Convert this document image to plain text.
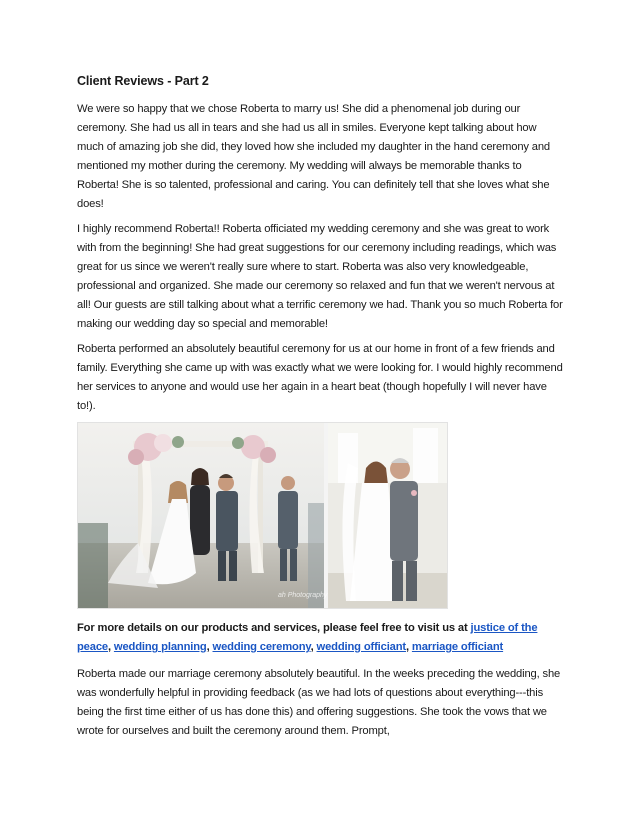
Client Reviews - Part 2

We were so happy that we chose Roberta to marry us! She did a phenomenal job during our ceremony. She had us all in tears and she had us all in smiles. Everyone kept talking about how much of amazing job she did, they loved how she included my daughter in the hand ceremony and mentioned my mother during the ceremony. My wedding will always be memorable thanks to Roberta! She is so talented, professional and caring. You can definitely tell that she loves what she does!

I highly recommend Roberta!! Roberta officiated my wedding ceremony and she was great to work with from the beginning! She had great suggestions for our ceremony including readings, which was great for us since we weren't really sure where to start. Roberta was also very knowledgeable, professional and organized. She made our ceremony so relaxed and fun that we weren't nervous at all! Our guests are still talking about what a terrific ceremony we had. Thank you so much Roberta for making our wedding day so special and memorable!

Roberta performed an absolutely beautiful ceremony for us at our home in front of a few friends and family. Everything she came up with was exactly what we were looking for. I would highly recommend her services to anyone and would use her again in a heart beat (though hopefully I will never have to!).

ah Photography

For more details on our products and services, please feel free to visit us at justice of the peace, wedding planning, wedding ceremony, wedding officiant, marriage officiant

Roberta made our marriage ceremony absolutely beautiful. In the weeks preceding the wedding, she was wonderfully helpful in providing feedback (as we had lots of questions about everything---this being the first time either of us has done this) and offering suggestions. She took the vows that we wrote for ourselves and built the ceremony around them. Prompt,
